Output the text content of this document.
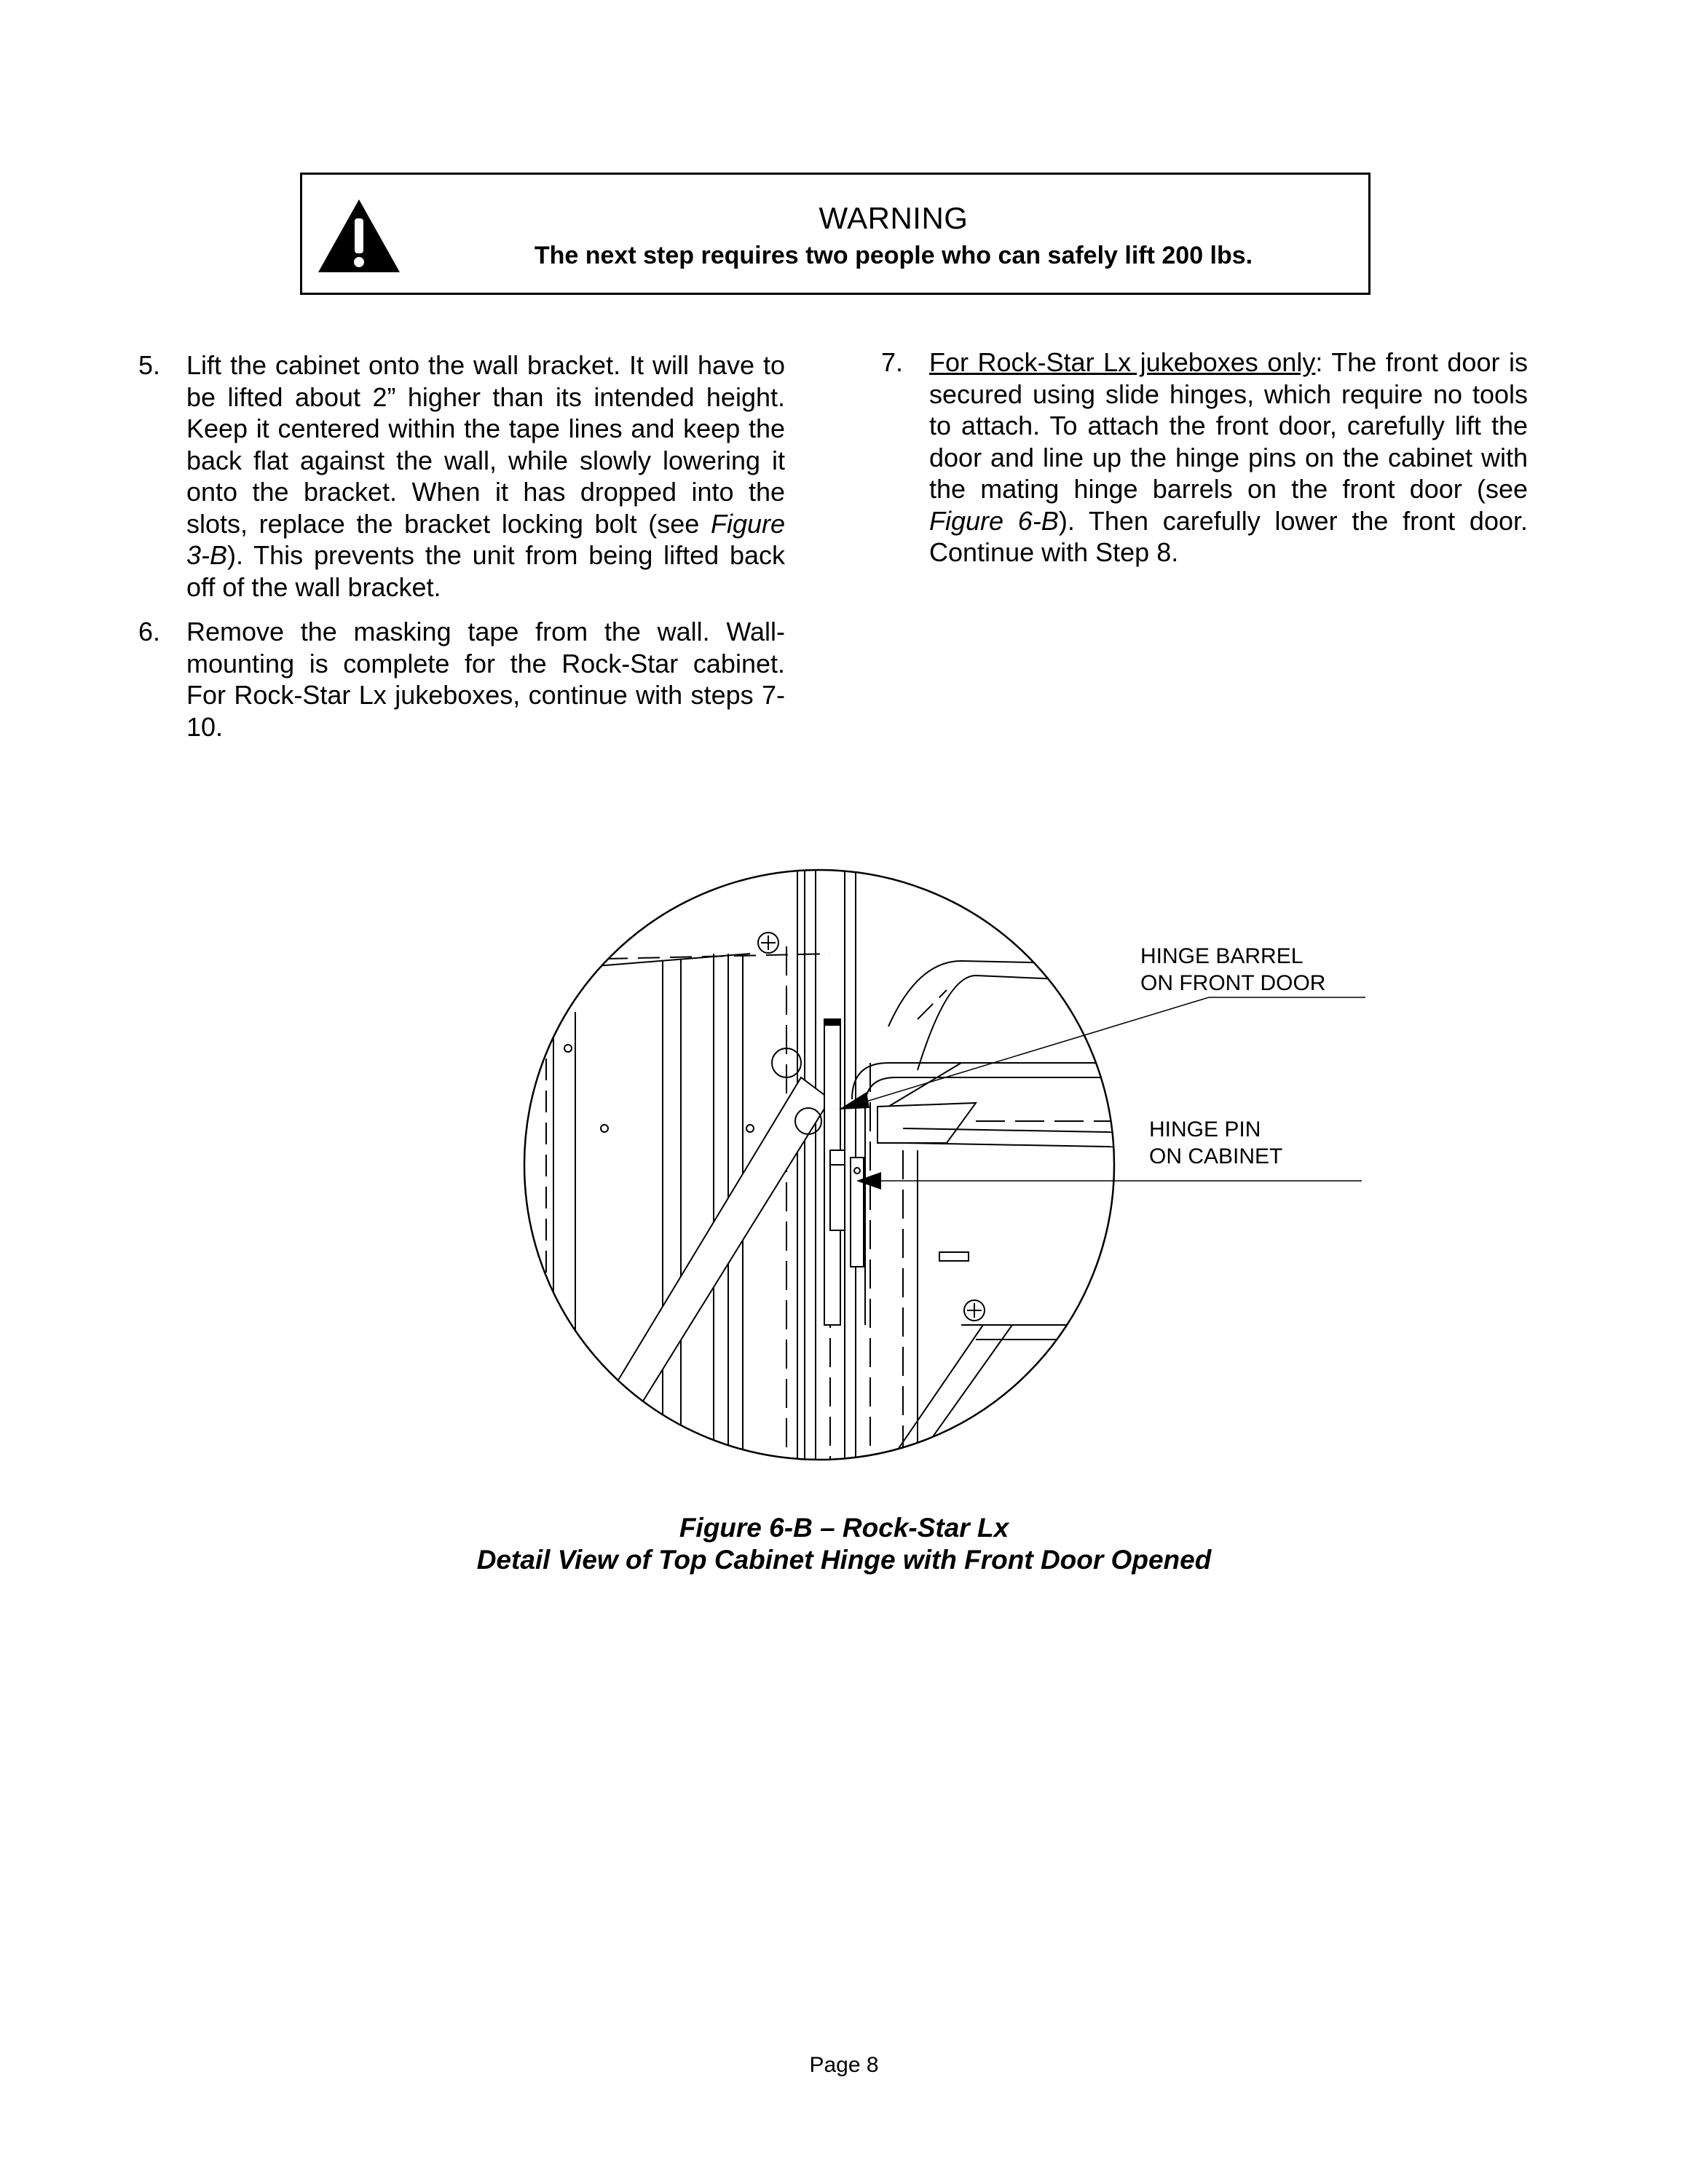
WARNING
The next step requires two people who can safely lift 200 lbs.
5. Lift the cabinet onto the wall bracket. It will have to be lifted about 2” higher than its intended height. Keep it centered within the tape lines and keep the back flat against the wall, while slowly lowering it onto the bracket. When it has dropped into the slots, replace the bracket locking bolt (see Figure 3-B). This prevents the unit from being lifted back off of the wall bracket.
6. Remove the masking tape from the wall. Wall-mounting is complete for the Rock-Star cabinet. For Rock-Star Lx jukeboxes, continue with steps 7-10.
7. For Rock-Star Lx jukeboxes only: The front door is secured using slide hinges, which require no tools to attach. To attach the front door, carefully lift the door and line up the hinge pins on the cabinet with the mating hinge barrels on the front door (see Figure 6-B). Then carefully lower the front door. Continue with Step 8.
HINGE BARREL
ON FRONT DOOR
HINGE PIN
ON CABINET
Figure 6-B – Rock-Star Lx
Detail View of Top Cabinet Hinge with Front Door Opened
Page 8
